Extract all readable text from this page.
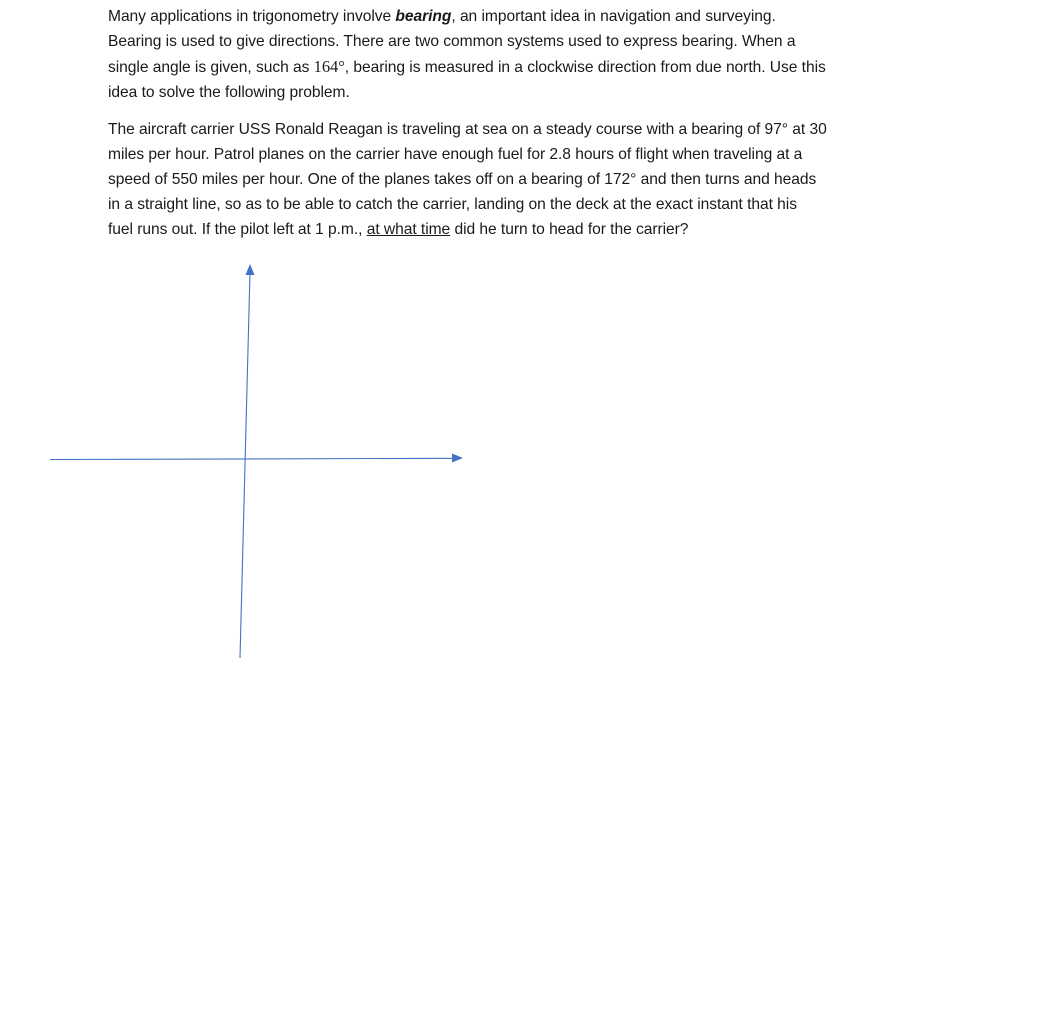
Many applications in trigonometry involve bearing, an important idea in navigation and surveying.
Bearing is used to give directions. There are two common systems used to express bearing. When a
single angle is given, such as 164°, bearing is measured in a clockwise direction from due north. Use this
idea to solve the following problem.

The aircraft carrier USS Ronald Reagan is traveling at sea on a steady course with a bearing of 97° at 30
miles per hour. Patrol planes on the carrier have enough fuel for 2.8 hours of flight when traveling at a
speed of 550 miles per hour. One of the planes takes off on a bearing of 172° and then turns and heads
in a straight line, so as to be able to catch the carrier, landing on the deck at the exact instant that his
fuel runs out. If the pilot left at 1 p.m., at what time did he turn to head for the carrier?
